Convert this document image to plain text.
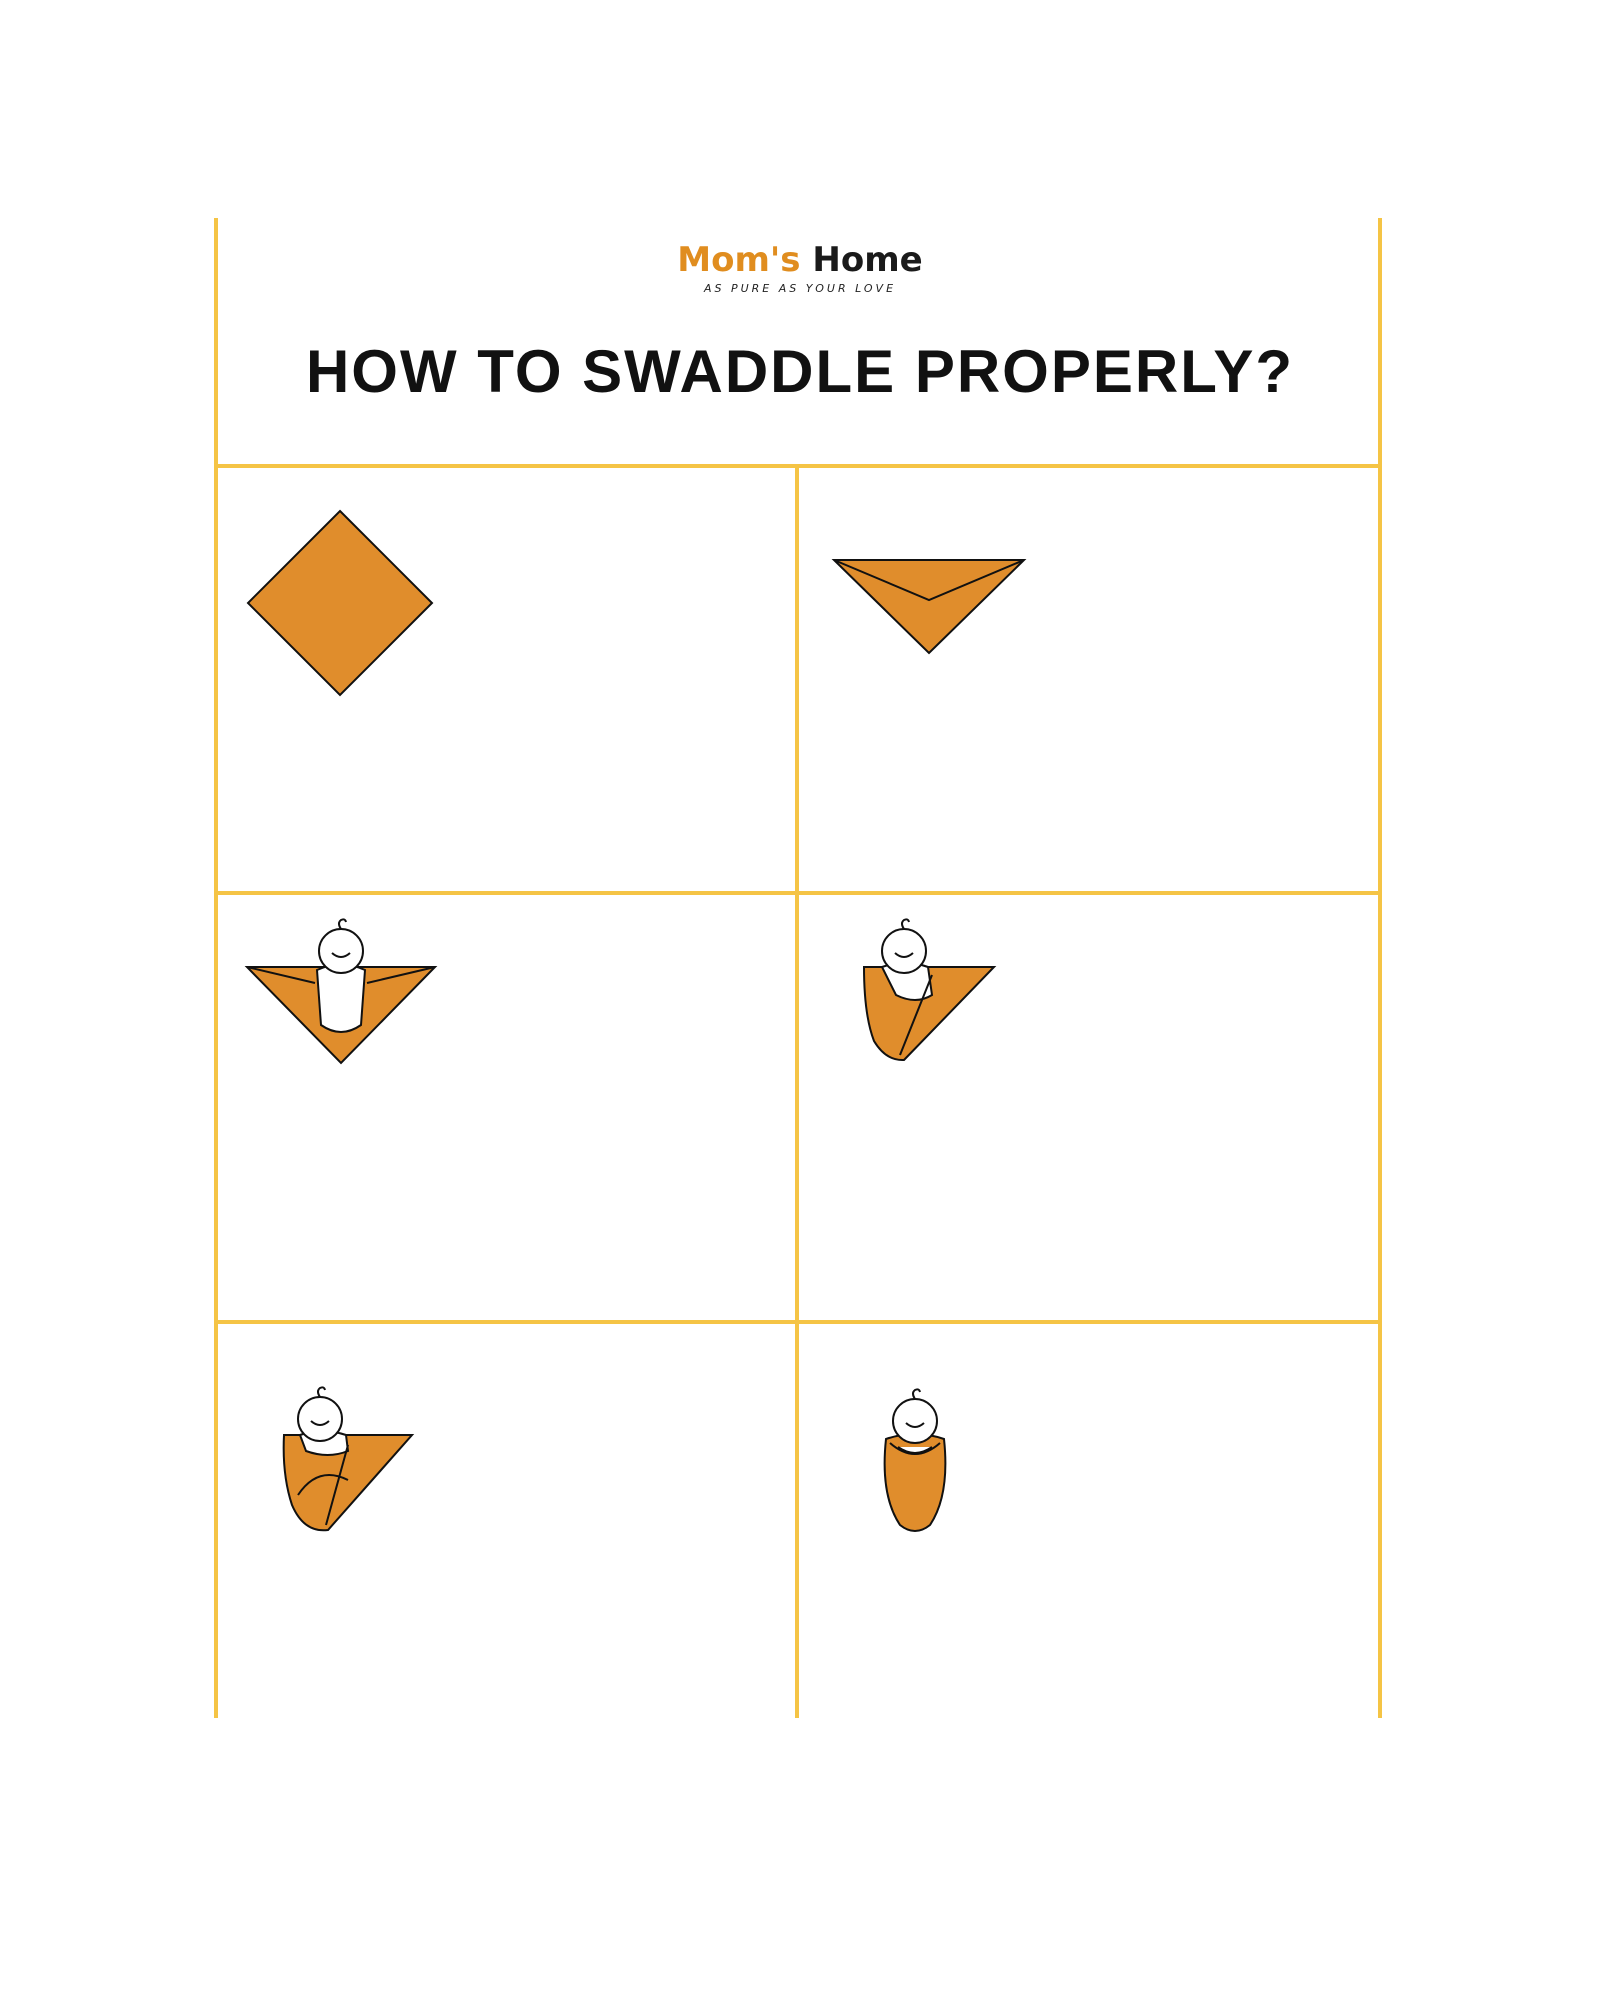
Mom's Home
AS PURE AS YOUR LOVE
HOW TO SWADDLE PROPERLY?
